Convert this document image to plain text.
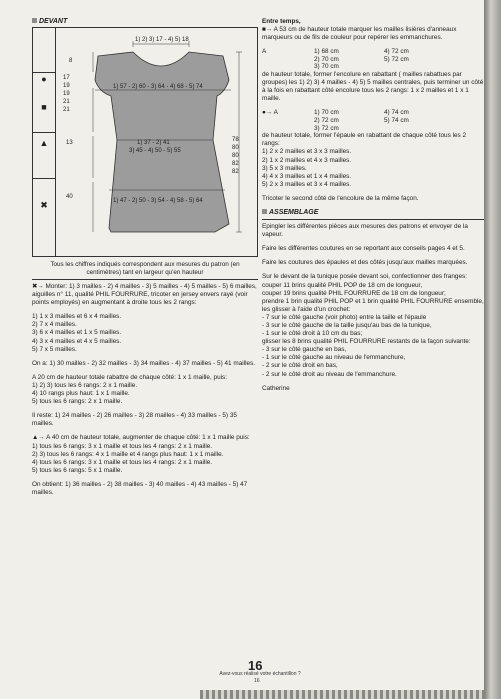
DEVANT
●
■
▲
✖
1) 2) 3) 17 - 4) 5) 18
8
17
19
19
21
21
1) 57 - 2) 60 - 3) 64 - 4) 68 - 5) 74
13	1) 37 - 2) 41
3) 45 - 4) 50 - 5) 55
78
80
80
82
82
40
1) 47 - 2) 50 - 3) 54 - 4) 58 - 5) 64
Tous les chiffres indiqués correspondent aux mesures du patron (en centimètres) tant en largeur qu'en hauteur

✖→ Monter: 1) 3 mailles - 2) 4 mailles - 3) 5 mailles - 4) 5 mailles - 5) 6 mailles, aiguilles n° 11, qualité PHIL FOURRURE, tricoter en jersey envers rayé (voir points employés) en augmentant à droite tous les 2 rangs:

1) 1 x 3 mailles et 6 x 4 mailles.
2) 7 x 4 mailles.
3) 6 x 4 mailles et 1 x 5 mailles.
4) 3 x 4 mailles et 4 x 5 mailles.
5) 7 x 5 mailles.

On a: 1) 30 mailles - 2) 32 mailles - 3) 34 mailles - 4) 37 mailles - 5) 41 mailles.

A 20 cm de hauteur totale rabattre de chaque côté: 1 x 1 maille, puis:
1) 2) 3) tous les 6 rangs: 2 x 1 maille.
4) 10 rangs plus haut: 1 x 1 maille.
5) tous les 6 rangs: 2 x 1 maille.

Il reste: 1) 24 mailles - 2) 26 mailles - 3) 28 mailles - 4) 33 mailles - 5) 35 mailles.

▲→ A 40 cm de hauteur totale, augmenter de chaque côté: 1 x 1 maille puis:
1) tous les 6 rangs: 3 x 1 maille et tous les 4 rangs: 2 x 1 maille.
2) 3) tous les 6 rangs: 4 x 1 maille et 4 rangs plus haut: 1 x 1 maille.
4) tous les 6 rangs: 3 x 1 maille et tous les 4 rangs: 2 x 1 maille.
5) tous les 6 rangs: 5 x 1 maille.

On obtient: 1) 36 mailles - 2) 38 mailles - 3) 40 mailles - 4) 43 mailles - 5) 47 mailles.

Entre temps,

■→ A 53 cm de hauteur totale marquer les mailles lisières d'anneaux marqueurs ou de fils de couleur pour repérer les emmanchures.

A	1) 68 cm	4) 72 cm
	2) 70 cm	5) 72 cm
	3) 70 cm	

de hauteur totale, former l'encolure en rabattant ( mailles rabattues par groupes) les 1) 2) 3) 4 mailles - 4) 5) 5 mailles centrales, puis terminer un côté à la fois en rabattant côté encolure tous les 2 rangs: 1 x 2 mailles et 1 x 1 maille.

●→ A	1) 70 cm	4) 74 cm
	2) 72 cm	5) 74 cm
	3) 72 cm	
de hauteur totale, former l'épaule en rabattant de chaque côté tous les 2 rangs:
1) 2 x 2 mailles et 3 x 3 mailles.
2) 1 x 2 mailles et 4 x 3 mailles.
3) 5 x 3 mailles.
4) 4 x 3 mailles et 1 x 4 mailles.
5) 2 x 3 mailles et 3 x 4 mailles.

Tricoter le second côté de l'encolure de la même façon.

ASSEMBLAGE

Epingler les différentes pièces aux mesures des patrons et envoyer de la vapeur.

Faire les différentes coutures en se reportant aux conseils pages 4 et 5.

Faire les coutures des épaules et des côtés jusqu'aux mailles marquées.

Sur le devant de la tunique posée devant soi, confectionner des franges:
couper 11 brins qualité PHIL POP de 18 cm de longueur,
couper 19 brins qualité PHIL FOURRURE de 18 cm de longueur;
prendre 1 brin qualité PHIL POP et 1 brin qualité PHIL FOURRURE ensemble, les glisser à l'aide d'un crochet:
- 7 sur le côté gauche (voir photo) entre la taille et l'épaule
- 3 sur le côté gauche de la taille jusqu'au bas de la tunique,
- 1 sur le côté droit à 10 cm du bas;
glisser les 8 brins qualité PHIL FOURRURE restants de la façon suivante:
- 3 sur le côté gauche en bas,
- 1 sur le côté gauche au niveau de l'emmanchure,
- 2 sur le côté droit en bas,
- 2 sur le côté droit au niveau de l'emmanchure.

Catherine

16
Avez-vous réalisé votre échantillon ?
16
